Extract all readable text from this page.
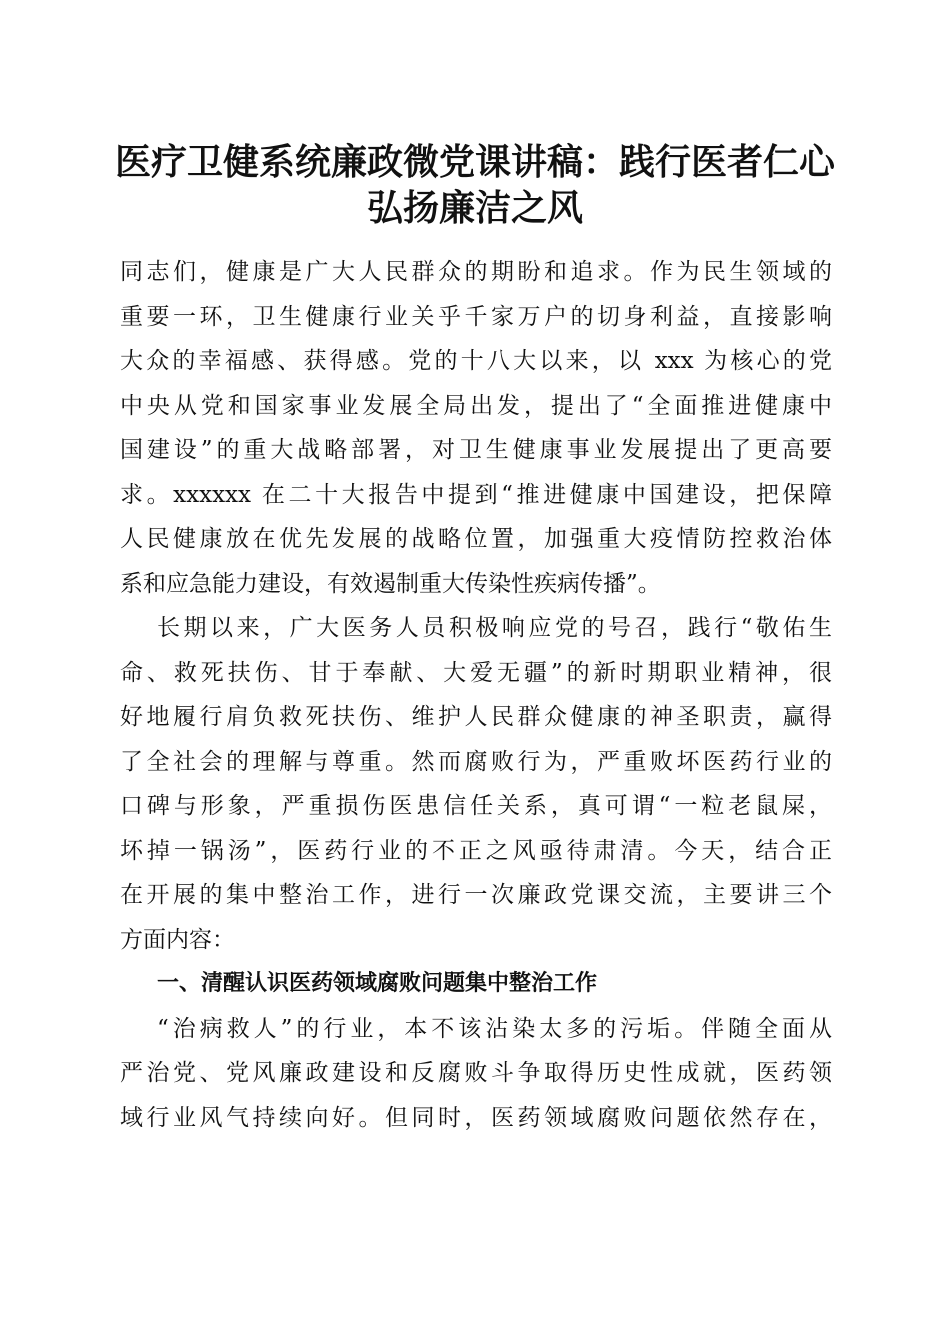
医疗卫健系统廉政微党课讲稿：践行医者仁心
弘扬廉洁之风
同志们，健康是广大人民群众的期盼和追求。作为民生领域的
重要一环，卫生健康行业关乎千家万户的切身利益，直接影响
大众的幸福感、获得感。党的十八大以来，以 xxx 为核心的党
中央从党和国家事业发展全局出发，提出了“全面推进健康中
国建设”的重大战略部署，对卫生健康事业发展提出了更高要
求。xxxxxx 在二十大报告中提到“推进健康中国建设，把保障
人民健康放在优先发展的战略位置，加强重大疫情防控救治体
系和应急能力建设，有效遏制重大传染性疾病传播”。
长期以来，广大医务人员积极响应党的号召，践行“敬佑生
命、救死扶伤、甘于奉献、大爱无疆”的新时期职业精神，很
好地履行肩负救死扶伤、维护人民群众健康的神圣职责，赢得
了全社会的理解与尊重。然而腐败行为，严重败坏医药行业的
口碑与形象，严重损伤医患信任关系，真可谓“一粒老鼠屎，
坏掉一锅汤”，医药行业的不正之风亟待肃清。今天，结合正
在开展的集中整治工作，进行一次廉政党课交流，主要讲三个
方面内容：
一、清醒认识医药领域腐败问题集中整治工作
“治病救人”的行业，本不该沾染太多的污垢。伴随全面从
严治党、党风廉政建设和反腐败斗争取得历史性成就，医药领
域行业风气持续向好。但同时，医药领域腐败问题依然存在，
